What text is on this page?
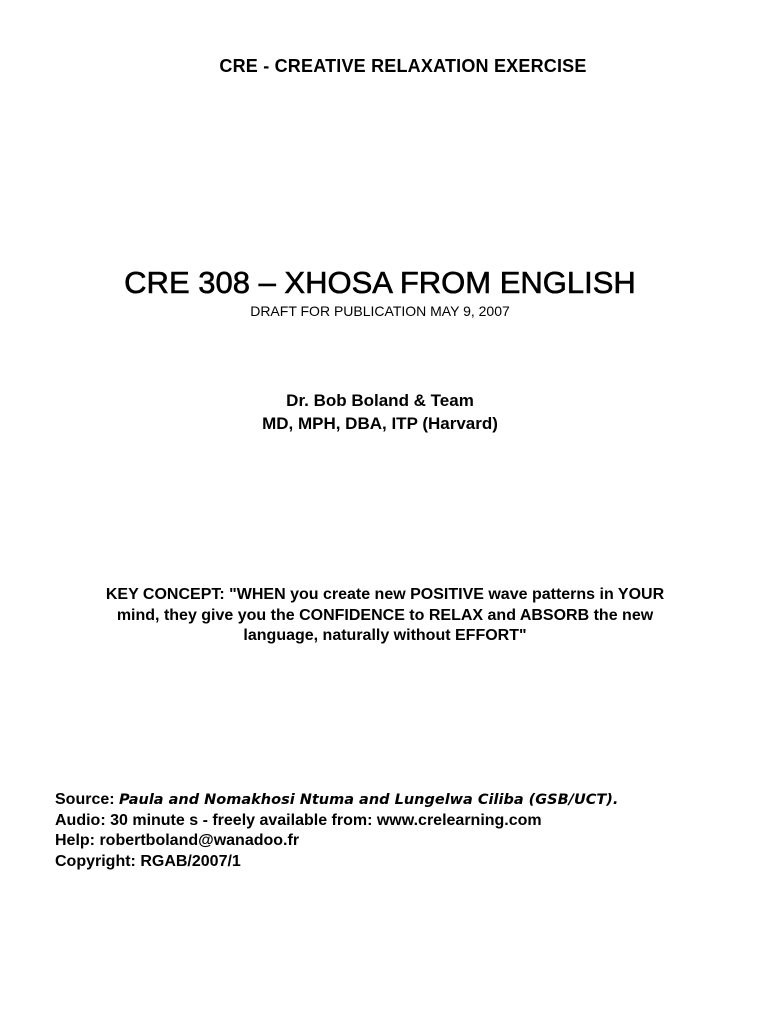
CRE - CREATIVE RELAXATION EXERCISE
CRE 308 – XHOSA FROM ENGLISH
DRAFT FOR PUBLICATION MAY 9, 2007
Dr. Bob Boland & Team
MD, MPH, DBA, ITP (Harvard)
KEY CONCEPT: "WHEN you create new POSITIVE wave patterns in YOUR
mind, they give you the CONFIDENCE to RELAX and ABSORB the new
language, naturally without EFFORT"
Source: Paula and Nomakhosi Ntuma and Lungelwa Ciliba (GSB/UCT).
Audio: 30 minute s - freely available from: www.crelearning.com
Help: robertboland@wanadoo.fr
Copyright: RGAB/2007/1
